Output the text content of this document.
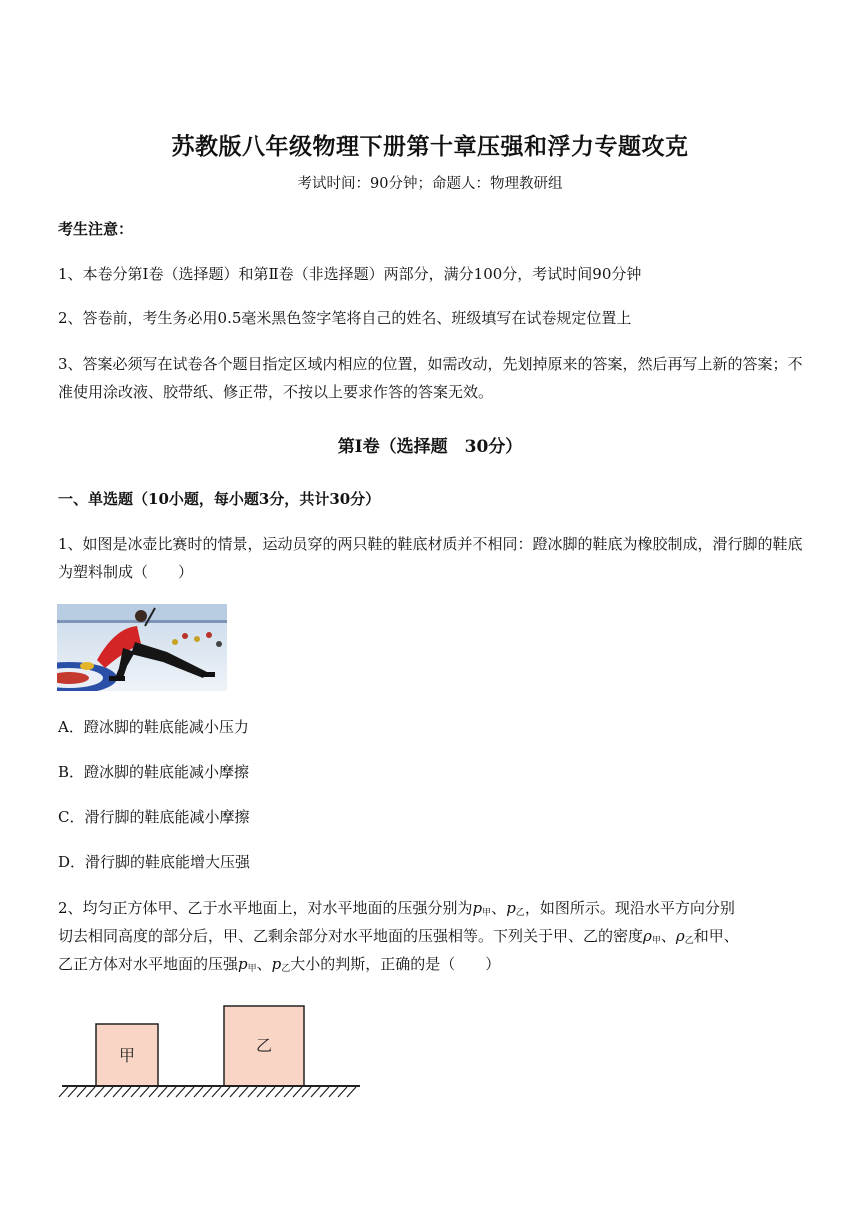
苏教版八年级物理下册第十章压强和浮力专题攻克
考试时间：90分钟；命题人：物理教研组
考生注意：
1、本卷分第Ⅰ卷（选择题）和第Ⅱ卷（非选择题）两部分，满分100分，考试时间90分钟
2、答卷前，考生务必用0.5毫米黑色签字笔将自己的姓名、班级填写在试卷规定位置上
3、答案必须写在试卷各个题目指定区域内相应的位置，如需改动，先划掉原来的答案，然后再写上新的答案；不准使用涂改液、胶带纸、修正带，不按以上要求作答的答案无效。
第Ⅰ卷（选择题　30分）
一、单选题（10小题，每小题3分，共计30分）
1、如图是冰壶比赛时的情景，运动员穿的两只鞋的鞋底材质并不相同：蹬冰脚的鞋底为橡胶制成，滑行脚的鞋底为塑料制成（　　）
A．蹬冰脚的鞋底能减小压力
B．蹬冰脚的鞋底能减小摩擦
C．滑行脚的鞋底能减小摩擦
D．滑行脚的鞋底能增大压强
2、均匀正方体甲、乙于水平地面上，对水平地面的压强分别为$p_甲$、$p_乙$，如图所示。现沿水平方向分别
切去相同高度的部分后，甲、乙剩余部分对水平地面的压强相等。下列关于甲、乙的密度$\rho_甲$、$\rho_乙$和甲、
乙正方体对水平地面的压强$p_甲$、$p_乙$大小的判斯，正确的是（　　）
甲
乙
